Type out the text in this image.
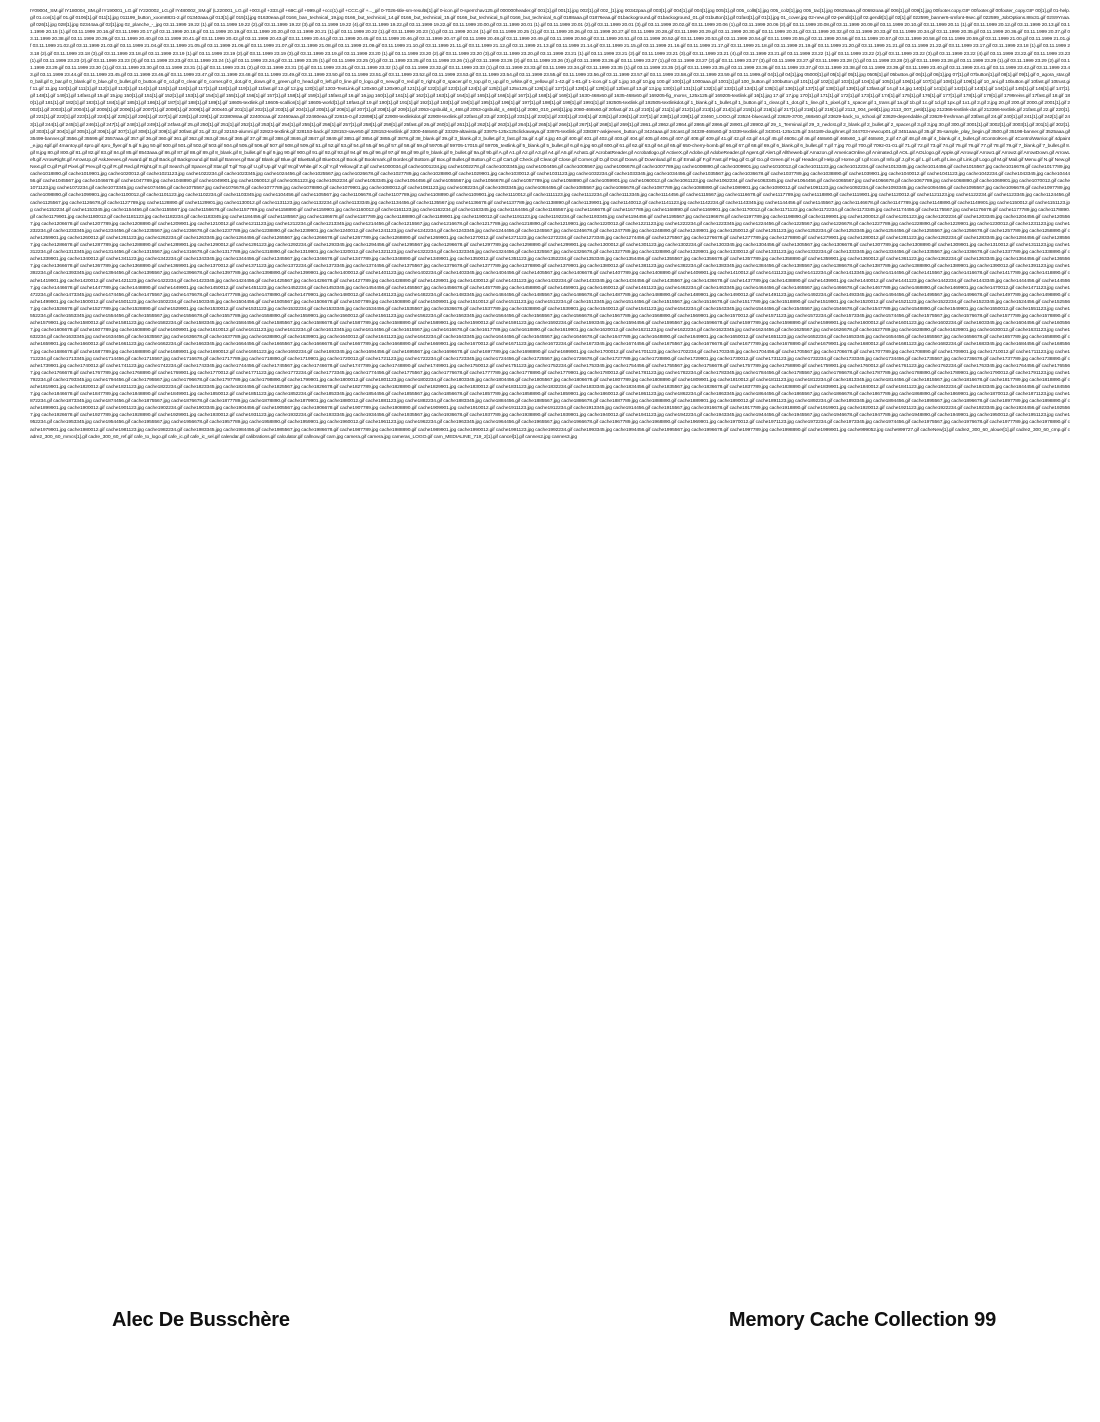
IY09004_SM.gif IY180004_SM.gif IY190001_LG.gif IY220002_LG.gif IY480002_SM.gif (L220001_LG.gif +003.gif +333.gif +69C.gif +999.gif +ccc(1).gif +CCC.gif +..._gif 0-7026-title-sm-results[1].gif 0-icon.gif 0-sperrchav125.gif 000000header.gif 001[1].gif 001[1].jpg 002[1].gif 002_[1].jpg 00342paa.gif 003[1].gif 004[1].gif 004[1].jpg 005[1].gif 005_coll6[1].jpg 005_col2[1].jpg 005_tac[1].jpg 00625aaa.gif 00692oaa.gif 006[1].gif 009[1].jpg 00footer.copy.GIF 00footer.gif 00footer_copy.GIF 00[1].gif 01-help.gif 01.con[1].gif 01.gif 0106[1].gif 011[1].jpg 011199_button_xoom8831-2.gif 01340aaa.gif 013[1].gif 015[1].jpg 01630eaa.gif 0166_ban_technical_19.jpg 0166_but_technical_14.gif 0166_but_technical_15.gif 0166_but_technical_5.gif 0166_but_technical_6.gif 0188aaa.gif 01876eaa.gif 01backoground.gif 01backoground_01.gif 01button[1].gif 01fast[1].gif 01[1].jpg 01_cover.jpg 02-new.gif 02-pendit[1].gif 02.gendit[1].gif 02[1].gif 022599_banner6-smfont-9sec.gif 022599_JobOptions.88x31.gif 02S9Ynaa.gif 026[1].jpg 028[1].jpg 02344aa.gif 02[1].jpg 02_planche_-_jpg 03.11.1999 19.22 (1).gif 03.11.1999 19.22 (2).gif 03.11.1999 19.22 (3).gif 03.11.1999 19.22 (4).gif 03.11.1999 19.22.gif 03.11.1999 19.22.gif 03.11.1999 20.00.gif 03.11.1999 20.01 (1).gif 03.11.1999 20.01 (2).gif 03.11.1999 20.01 (3).gif 03.11.1999 20.02.gif 03.11.1999 20.06 (1).gif 03.11.1999 20.06 (2).gif 03.11.1999 20.08.gif 03.11.1999 20.09.gif 03.11.1999 20.10.gif 03.11.1999 20.11 (1).gif 03.11.1999 20.12.gif 03.11.1999 20.13.gif 03.11.1999 20.15 (1).gif 03.11.1999 20.16.gif 03.11.1999 20.17.gif 03.11.1999 20.18.gif 03.11.1999 20.19.gif 03.11.1999 20.20.gif 03.11.1999 20.21 (1).gif 03.11.1999 20.22 (1).gif 03.11.1999 20.23 (1).gif 03.11.1999 20.24 (1).gif 03.11.1999 20.25 (1).gif 03.11.1999 20.26.gif 03.11.1999 20.27.gif 03.11.1999 20.28.gif 03.11.1999 20.29.gif 03.11.1999 20.30.gif 03.11.1999 20.31.gif 03.11.1999 20.32.gif 03.11.1999 20.33.gif 03.11.1999 20.34.gif 03.11.1999 20.35.gif 03.11.1999 20.36.gif 03.11.1999 20.37.gif 03.11.1999 20.38.gif 03.11.1999 20.39.gif 03.11.1999 20.40.gif 03.11.1999 20.41.gif 03.11.1999 20.42.gif 03.11.1999 20.43.gif 03.11.1999 20.44.gif 03.11.1999 20.45.gif 03.11.1999 20.46.gif 03.11.1999 20.47.gif 03.11.1999 20.48.gif 03.11.1999 20.49.gif 03.11.1999 20.50.gif 03.11.1999 20.51.gif 03.11.1999 20.52.gif 03.11.1999 20.53.gif 03.11.1999 20.54.gif 03.11.1999 20.55.gif 03.11.1999 20.56.gif 03.11.1999 20.57.gif 03.11.1999 20.58.gif 03.11.1999 20.59.gif 03.11.1999 21.00.gif 03.11.1999 21.01.gif 03.11.1999 21.02.gif 03.11.1999 21.03.gif 03.11.1999 21.04.gif 03.11.1999 21.05.gif 03.11.1999 21.06.gif 03.11.1999 21.07.gif 03.11.1999 21.08.gif 03.11.1999 21.09.gif 03.11.1999 21.10.gif 03.11.1999 21.11.gif 03.11.1999 21.12.gif 03.11.1999 21.13.gif 03.11.1999 21.14.gif 03.11.1999 21.15.gif 03.11.1999 21.16.gif 03.11.1999 21.17.gif 03.11.1999 21.18.gif 03.11.1999 21.19.gif 03.11.1999 21.20.gif 03.11.1999 21.21.gif 03.11.1999 21.22.gif 03.11.1999 23.17.gif 03.11.1999 23.18 (1).gif 03.11.1999 23.18 (2).gif 03.11.1999 23.18 (3).gif 03.11.1999 23.18.gif 03.11.1999 23.19 (1).gif 03.11.1999 23.19 (2).gif 03.11.1999 23.19 (3).gif 03.11.1999 23.19.gif 03.11.1999 23.20 (1).gif 03.11.1999 23.20 (2).gif 03.11.1999 23.20 (3).gif 03.11.1999 23.20.gif 03.11.1999 23.21 (1).gif 03.11.1999 23.21 (2).gif 03.11.1999 23.21 (3).gif 03.11.1999 23.21 (4).gif 03.11.1999 23.21.gif 03.11.1999 23.22 (1).gif 03.11.1999 23.22 (2).gif 03.11.1999 23.22 (3).gif 03.11.1999 23.22 (4).gif 03.11.1999 23.22.gif 03.11.1999 23.23 (1).gif 03.11.1999 23.23 (2).gif 03.11.1999 23.23 (3).gif 03.11.1999 23.23.gif 03.11.1999 23.24 (1).gif 03.11.1999 23.24.gif 03.11.1999 23.25 (1).gif 03.11.1999 23.25 (2).gif 03.11.1999 23.25.gif 03.11.1999 23.26 (1).gif 03.11.1999 23.26 (2).gif 03.11.1999 23.26 (3).gif 03.11.1999 23.26.gif 03.11.1999 23.27 (1).gif 03.11.1999 23.27 (2).gif 03.11.1999 23.27 (3).gif 03.11.1999 23.27.gif 03.11.1999 23.28 (1).gif 03.11.1999 23.28 (2).gif 03.11.1999 23.28.gif 03.11.1999 23.29 (1).gif 03.11.1999 23.29 (2).gif 03.11.1999 23.29.gif 03.11.1999 23.30 (1).gif 03.11.1999 23.30.gif 03.11.1999 23.31 (1).gif 03.11.1999 23.31 (2).gif 03.11.1999 23.31 (3).gif 03.11.1999 23.31.gif 03.11.1999 23.32 (1).gif 03.11.1999 23.32.gif 03.11.1999 23.33 (1).gif 03.11.1999 23.33.gif 03.11.1999 23.34.gif 03.11.1999 23.35 (1).gif 03.11.1999 23.35 (2).gif 03.11.1999 23.35.gif 03.11.1999 23.36.gif 03.11.1999 23.37.gif 03.11.1999 23.38.gif 03.11.1999 23.39.gif 03.11.1999 23.40.gif 03.11.1999 23.41.gif 03.11.1999 23.42.gif 03.11.1999 23.43.gif 03.11.1999 23.44.gif 03.11.1999 23.45.gif 03.11.1999 23.46.gif 03.11.1999 23.47.gif 03.11.1999 23.48.gif 03.11.1999 23.49.gif 03.11.1999 23.50.gif 03.11.1999 23.51.gif 03.11.1999 23.52.gif 03.11.1999 23.53.gif 03.11.1999 23.54.gif 03.11.1999 23.55.gif 03.11.1999 23.56.gif 03.11.1999 23.57.gif 03.11.1999 23.58.gif 03.11.1999 23.59.gif 03.11.1999.gif 04[1].gif 04[1].jpg 05000[1].gif 05[1].gif 05[1].jpg 0505[1].gif 05button.gif 06[1].gif 06[1].jpg 07[1].gif 07button[1].gif 08[1].gif 09[1].gif 0_agora_star.gif 0_ball.gif 0_bar.gif 0_blank.gif 0_blue.gif 0_bullet.gif 0_button.gif 0_cd.gif 0_clear.gif 0_corner.gif 0_dot.gif 0_down.gif 0_green.gif 0_head.gif 0_left.gif 0_line.gif 0_logo.gif 0_new.gif 0_red.gif 0_right.gif 0_spacer.gif 0_top.gif 0_up.gif 0_white.gif 0_yellow.gif 1-42.gif 1-81.gif 1-icon.gif 1.gif 1.jpg 10.gif 10.jpg 100.gif 100[1].gif 1000aaa.gif 1001[1].gif 100_button.gif 100button.gif 101[1].gif 102[1].gif 103[1].gif 104[1].gif 105[1].gif 106[1].gif 107[1].gif 108[1].gif 109[1].gif 10_ani.gif 10button.gif 10fast.gif 10trust.gif 11.gif 11.jpg 110[1].gif 111[1].gif 112[1].gif 113[1].gif 114[1].gif 115[1].gif 116[1].gif 117[1].gif 118[1].gif 119[1].gif 11fast.gif 12.gif 12.jpg 120[1].gif 1203-TextLink.gif 120x60.gif 120x90.gif 121[1].gif 122[1].gif 123[1].gif 124[1].gif 125[1].gif 125x125.gif 126[1].gif 127[1].gif 128[1].gif 129[1].gif 12fast.gif 13.gif 13.jpg 130[1].gif 131[1].gif 132[1].gif 133[1].gif 134[1].gif 135[1].gif 136[1].gif 137[1].gif 138[1].gif 139[1].gif 13fast.gif 14.gif 14.jpg 140[1].gif 141[1].gif 142[1].gif 143[1].gif 144[1].gif 145[1].gif 146[1].gif 147[1].gif 148[1].gif 149[1].gif 14fast.gif 15.gif 15.jpg 150[1].gif 151[1].gif 152[1].gif 153[1].gif 154[1].gif 155[1].gif 156[1].gif 157[1].gif 158[1].gif 159[1].gif 15fast.gif 16.gif 16.jpg 160[1].gif 161[1].gif 162[1].gif 163[1].gif 164[1].gif 165[1].gif 166[1].gif 167[1].gif 168[1].gif 169[1].gif 1630-468x60.gif 1635-468x60.gif 169205-fig_moms_125x125.gif 169205-textlink.gif 16[1].jpg 17.gif 17.jpg 170[1].gif 171[1].gif 172[1].gif 173[1].gif 174[1].gif 175[1].gif 176[1].gif 177[1].gif 178[1].gif 179[1].gif 1799reins.gif 17fast.gif 18.gif 180[1].gif 181[1].gif 182[1].gif 183[1].gif 184[1].gif 185[1].gif 186[1].gif 187[1].gif 188[1].gif 189[1].gif 18605-textlink.gif 18605-scallion[1].gif 18605-world[1].gif 18fast.gif 19.gif 190[1].gif 191[1].gif 192[1].gif 193[1].gif 194[1].gif 195[1].gif 196[1].gif 197[1].gif 198[1].gif 199[1].gif 1991[1].gif 192505-textlink.gif 192505-textlinkdot.gif 1_blank.gif 1_bullet.gif 1_button.gif 1_clear.gif 1_dot.gif 1_line.gif 1_pixel.gif 1_spacer.gif 1_trans.gif 1a.gif 1b.gif 1c.gif 1d.gif 1px.gif 1x1.gif 2.gif 2.jpg 20.gif 200.gif 2000.gif 2001[1].gif 2002[1].gif 2003[1].gif 2004[1].gif 2005[1].gif 2006[1].gif 2007[1].gif 2008[1].gif 2009[1].gif 200x40.gif 201[1].gif 202[1].gif 203[1].gif 204[1].gif 205[1].gif 206[1].gif 207[1].gif 208[1].gif 209[1].gif 2053-cgsbuild_s_468.gif 2053-cgsbuild_s_468[1].gif 2080_010_petit[1].jpg 2080-468x60.gif 20fast.gif 21.gif 210[1].gif 211[1].gif 212[1].gif 213[1].gif 214[1].gif 215[1].gif 216[1].gif 217[1].gif 218[1].gif 219[1].gif 2113_004_petit[1].jpg 2113_007_petit[1].jpg 212366-textlink-dot.gif 212366-textlink.gif 21fast.gif 22.gif 220[1].gif 221[1].gif 222[1].gif 223[1].gif 224[1].gif 225[1].gif 226[1].gif 227[1].gif 228[1].gif 229[1].gif 22380Waa.gif 22400caa.gif 22460aaa.gif 22460eaa.gif 22615-0.gif 22898[1].gif 22908-textlinkdot.gif 22908-textlink.gif 22fast.gif 23.gif 230[1].gif 231[1].gif 232[1].gif 233[1].gif 234[1].gif 235[1].gif 236[1].gif 237[1].gif 238[1].gif 239[1].gif 23460_LOGO.gif 23524-bluecard.gif 23629-3700_468x60.gif 23629-back_to_school.gif 23629-dependable.gif 23629-freshman.gif 23fast.gif 24.gif 240[1].gif 241[1].gif 242[1].gif 243[1].gif 244[1].gif 245[1].gif 246[1].gif 247[1].gif 248[1].gif 249[1].gif 24fast.gif 25.gif 250[1].gif 251[1].gif 252[1].gif 253[1].gif 254[1].gif 255[1].gif 256[1].gif 257[1].gif 258[1].gif 259[1].gif 25fast.gif 26.gif 260[1].gif 261[1].gif 262[1].gif 263[1].gif 264[1].gif 265[1].gif 266[1].gif 267[1].gif 268[1].gif 269[1].gif 2861.gif 2862.gif 2864.gif 2865.gif 2866.gif 28901.gif 28902.gif 29_1_Terminal.gif 29_3_nedcst.gif 2_blank.gif 2_bullet.gif 2_spacer.gif 3.gif 3.jpg 30.gif 300.gif 3001[1].gif 3002[1].gif 3003[1].gif 301[1].gif 302[1].gif 303[1].gif 304[1].gif 305[1].gif 306[1].gif 307[1].gif 308[1].gif 309[1].gif 30fast.gif 31.gif 32.gif 32153-alumni.gif 32823-textlink.gif 328153-back.gif 328153-save50.gif 328153-textlink.gif 3300-468x60.gif 33329-altavista.gif 33975-125x125clickawaya.gif 33975-textlink.gif 338387-askjeeves_button.gif 3424aaa.gif 34cast.gif 34339-468x60.gif 34339-textlink.gif 343041-125x125.gif 344189-doughnet.gif 344703-newcup01.gif 3451aaa.gif 35.gif 35-sample_play_begin.gif 3500.gif 35198-banner.gif 3525aaa.gif 35499-banner.gif 3556.gif 35599.gif 3557aaa.gif 357.gif 36.gif 360.gif 361.gif 362.gif 363.gif 364.gif 365.gif 37.gif 38.gif 388.gif 3846.gif 3847.gif 3849.gif 3851.gif 3854.gif 3855.gif 3878.gif 38_blank.gif 39.gif 3_blank.gif 3_bullet.gif 3_fast.gif 3a.gif 4.gif 4.jpg 40.gif 400.gif 401.gif 402.gif 403.gif 404.gif 405.gif 406.gif 407.gif 408.gif 409.gif 41.gif 42.gif 43.gif 44.gif 45.gif 4605c.gif 46.gif 468x60.gif 468x60_1.gif 468x60_2.gif 47.gif 48.gif 49.gif 4_blank.gif 4_bullet.gif 4ControlKen.gif 4ControlWarrior.gif 4dpaint_e.jpg 4gif.gif 4mantoy.gif 4pro.gif 4pro_flyer.gif 5.gif 5.jpg 50.gif 500.gif 501.gif 502.gif 503.gif 504.gif 505.gif 506.gif 507.gif 508.gif 509.gif 51.gif 52.gif 53.gif 54.gif 55.gif 56.gif 57.gif 58.gif 59.gif 59705.gif 59705-17015.gif 59705_textlink.gif 5_blank.gif 5_bullet.gif 6.gif 6.jpg 60.gif 600.gif 61.gif 62.gif 63.gif 64.gif 65.gif 650-cherry-bomb.gif 66.gif 67.gif 68.gif 69.gif 6_blank.gif 6_bullet.gif 7.gif 7.jpg 70.gif 700.gif 7092-01-01.gif 71.gif 72.gif 73.gif 74.gif 75.gif 76.gif 77.gif 78.gif 79.gif 7_blank.gif 7_bullet.gif 8.gif 8.jpg 80.gif 800.gif 81.gif 82.gif 83.gif 84.gif 85.gif 8543aaa.gif 86.gif 87.gif 88.gif 89.gif 8_blank.gif 8_bullet.gif 9.gif 9.jpg 90.gif 900.gif 91.gif 92.gif 93.gif 94.gif 95.gif 96.gif 97.gif 98.gif 99.gif 9_blank.gif 9_bullet.gif 9a.gif 9b.gif A.gif A1.gif A2.gif A3.gif A4.gif A5.gif Achat1.gif AcrobatReader.gif Acrobatlogo.gif ActiveX.gif Adobe.gif AdobeReader.gif Agent.gif Alert.gif Alltheweb.gif Amazon.gif AmericaOnline.gif Animated.gif AOL.gif AOLlogo.gif Apple.gif Arrow.gif Arrow1.gif Arrow2.gif ArrowDown.gif ArrowLeft.gif ArrowRight.gif ArrowUp.gif AskJeeves.gif Award.gif B.gif Back.gif Background.gif Ball.gif Banner.gif Bar.gif Blank.gif Blue.gif BlueBall.gif BlueDot.gif Book.gif Bookmark.gif Border.gif Bottom.gif Box.gif Bullet.gif Button.gif C.gif Cart.gif Check.gif Clear.gif Close.gif Corner.gif D.gif Dot.gif Down.gif Download.gif E.gif Email.gif F.gif Fast.gif Flag.gif G.gif Go.gif Green.gif H.gif Header.gif Help.gif Home.gif I.gif Icon.gif Info.gif J.gif K.gif L.gif Left.gif Line.gif Link.gif Logo.gif M.gif Mail.gif Menu.gif N.gif New.gif Next.gif O.gif P.gif Pixel.gif Prev.gif Q.gif R.gif Red.gif Right.gif S.gif Search.gif Spacer.gif Star.gif T.gif Top.gif U.gif Up.gif V.gif W.gif White.gif X.gif Y.gif Yellow.gif Z.gif cache1000034.gif cache1001234.jpg cache1002278.gif cache1003345.jpg cache1004456.gif cache1005567.jpg cache1006678.gif cache1007789.jpg cache1008890.gif cache1009901.jpg cache1010012.gif cache1011123.jpg cache1012234.gif cache1013345.jpg cache1014456.gif cache1015567.jpg cache1016678.gif cache1017789.jpg cache1018890.gif cache1019901.jpg cache1020012.gif cache1021123.jpg cache1022234.gif cache1023345.jpg cache1024456.gif cache1025567.jpg cache1026678.gif cache1027789.jpg cache1028890.gif cache1029901.jpg cache1030012.gif cache1031123.jpg cache1032234.gif cache1033345.jpg cache1034456.gif cache1035567.jpg cache1036678.gif cache1037789.jpg cache1038890.gif cache1039901.jpg cache1040012.gif cache1041123.jpg cache1042234.gif cache1043345.jpg cache1044456.gif cache1045567.jpg cache1046678.gif cache1047789.jpg cache1048890.gif cache1049901.jpg cache1050012.gif cache1051123.jpg cache1052234.gif cache1053345.jpg cache1054456.gif cache1055567.jpg cache1056678.gif cache1057789.jpg cache1058890.gif cache1059901.jpg cache1060012.gif cache1061123.jpg cache1062234.gif cache1063345.jpg cache1064456.gif cache1065567.jpg cache1066678.gif cache1067789.jpg cache1068890.gif cache1069901.jpg cache1070012.gif cache1071123.jpg cache1072234.gif cache1073345.jpg cache1074456.gif cache1075567.jpg cache1076678.gif cache1077789.jpg cache1078890.gif cache1079901.jpg cache1080012.gif cache1081123.jpg cache1082234.gif cache1083345.jpg cache1084456.gif cache1085567.jpg cache1086678.gif cache1087789.jpg cache1088890.gif cache1089901.jpg cache1090012.gif cache1091123.jpg cache1092234.gif cache1093345.jpg cache1094456.gif cache1095567.jpg cache1096678.gif cache1097789.jpg cache1098890.gif cache1099901.jpg cache1100012.gif cache1101123.jpg cache1102234.gif cache1103345.jpg cache1104456.gif cache1105567.jpg cache1106678.gif cache1107789.jpg cache1108890.gif cache1109901.jpg cache1110012.gif cache1111123.jpg cache1112234.gif cache1113345.jpg cache1114456.gif cache1115567.jpg cache1116678.gif cache1117789.jpg cache1118890.gif cache1119901.jpg cache1120012.gif cache1121123.jpg cache1122234.gif cache1123345.jpg cache1124456.gif cache1125567.jpg cache1126678.gif cache1127789.jpg cache1128890.gif cache1129901.jpg cache1130012.gif cache1131123.jpg cache1132234.gif cache1133345.jpg cache1134456.gif cache1135567.jpg cache1136678.gif cache1137789.jpg cache1138890.gif cache1139901.jpg cache1140012.gif cache1141123.jpg cache1142234.gif cache1143345.jpg cache1144456.gif cache1145567.jpg cache1146678.gif cache1147789.jpg cache1148890.gif cache1149901.jpg cache1150012.gif cache1151123.jpg cache1152234.gif cache1153345.jpg cache1154456.gif cache1155567.jpg cache1156678.gif cache1157789.jpg cache1158890.gif cache1159901.jpg cache1160012.gif cache1161123.jpg cache1162234.gif cache1163345.jpg cache1164456.gif cache1165567.jpg cache1166678.gif cache1167789.jpg cache1168890.gif cache1169901.jpg cache1170012.gif cache1171123.jpg cache1172234.gif cache1173345.jpg cache1174456.gif cache1175567.jpg cache1176678.gif cache1177789.jpg cache1178890.gif cache1179901.jpg cache1180012.gif cache1181123.jpg cache1182234.gif cache1183345.jpg cache1184456.gif cache1185567.jpg cache1186678.gif cache1187789.jpg cache1188890.gif cache1189901.jpg cache1190012.gif cache1191123.jpg cache1192234.gif cache1193345.jpg cache1194456.gif cache1195567.jpg cache1196678.gif cache1197789.jpg cache1198890.gif cache1199901.jpg cache1200012.gif cache1201123.jpg cache1202234.gif cache1203345.jpg cache1204456.gif cache1205567.jpg cache1206678.gif cache1207789.jpg cache1208890.gif cache1209901.jpg cache1210012.gif cache1211123.jpg cache1212234.gif cache1213345.jpg cache1214456.gif cache1215567.jpg cache1216678.gif cache1217789.jpg cache1218890.gif cache1219901.jpg cache1220012.gif cache1221123.jpg cache1222234.gif cache1223345.jpg cache1224456.gif cache1225567.jpg cache1226678.gif cache1227789.jpg cache1228890.gif cache1229901.jpg cache1230012.gif cache1231123.jpg cache1232234.gif cache1233345.jpg cache1234456.gif cache1235567.jpg cache1236678.gif cache1237789.jpg cache1238890.gif cache1239901.jpg cache1240012.gif cache1241123.jpg cache1242234.gif cache1243345.jpg cache1244456.gif cache1245567.jpg cache1246678.gif cache1247789.jpg cache1248890.gif cache1249901.jpg cache1250012.gif cache1251123.jpg cache1252234.gif cache1253345.jpg cache1254456.gif cache1255567.jpg cache1256678.gif cache1257789.jpg cache1258890.gif cache1259901.jpg cache1260012.gif cache1261123.jpg cache1262234.gif cache1263345.jpg cache1264456.gif cache1265567.jpg cache1266678.gif cache1267789.jpg cache1268890.gif cache1269901.jpg cache1270012.gif cache1271123.jpg cache1272234.gif cache1273345.jpg cache1274456.gif cache1275567.jpg cache1276678.gif cache1277789.jpg cache1278890.gif cache1279901.jpg cache1280012.gif cache1281123.jpg cache1282234.gif cache1283345.jpg cache1284456.gif cache1285567.jpg cache1286678.gif cache1287789.jpg cache1288890.gif cache1289901.jpg cache1290012.gif cache1291123.jpg cache1292234.gif cache1293345.jpg cache1294456.gif cache1295567.jpg cache1296678.gif cache1297789.jpg cache1298890.gif cache1299901.jpg cache1300012.gif cache1301123.jpg cache1302234.gif cache1303345.jpg cache1304456.gif cache1305567.jpg cache1306678.gif cache1307789.jpg cache1308890.gif cache1309901.jpg cache1310012.gif cache1311123.jpg cache1312234.gif cache1313345.jpg cache1314456.gif cache1315567.jpg cache1316678.gif cache1317789.jpg cache1318890.gif cache1319901.jpg cache1320012.gif cache1321123.jpg cache1322234.gif cache1323345.jpg cache1324456.gif cache1325567.jpg cache1326678.gif cache1327789.jpg cache1328890.gif cache1329901.jpg cache1330012.gif cache1331123.jpg cache1332234.gif cache1333345.jpg cache1334456.gif cache1335567.jpg cache1336678.gif cache1337789.jpg cache1338890.gif cache1339901.jpg cache1340012.gif cache1341123.jpg cache1342234.gif cache1343345.jpg cache1344456.gif cache1345567.jpg cache1346678.gif cache1347789.jpg cache1348890.gif cache1349901.jpg cache1350012.gif cache1351123.jpg cache1352234.gif cache1353345.jpg cache1354456.gif cache1355567.jpg cache1356678.gif cache1357789.jpg cache1358890.gif cache1359901.jpg cache1360012.gif cache1361123.jpg cache1362234.gif cache1363345.jpg cache1364456.gif cache1365567.jpg cache1366678.gif cache1367789.jpg cache1368890.gif cache1369901.jpg cache1370012.gif cache1371123.jpg cache1372234.gif cache1373345.jpg cache1374456.gif cache1375567.jpg cache1376678.gif cache1377789.jpg cache1378890.gif cache1379901.jpg cache1380012.gif cache1381123.jpg cache1382234.gif cache1383345.jpg cache1384456.gif cache1385567.jpg cache1386678.gif cache1387789.jpg cache1388890.gif cache1389901.jpg cache1390012.gif cache1391123.jpg cache1392234.gif cache1393345.jpg cache1394456.gif cache1395567.jpg cache1396678.gif cache1397789.jpg cache1398890.gif cache1399901.jpg cache1400012.gif cache1401123.jpg cache1402234.gif cache1403345.jpg cache1404456.gif cache1405567.jpg cache1406678.gif cache1407789.jpg cache1408890.gif cache1409901.jpg cache1410012.gif cache1411123.jpg cache1412234.gif cache1413345.jpg cache1414456.gif cache1415567.jpg cache1416678.gif cache1417789.jpg cache1418890.gif cache1419901.jpg cache1420012.gif cache1421123.jpg cache1422234.gif cache1423345.jpg cache1424456.gif cache1425567.jpg cache1426678.gif cache1427789.jpg cache1428890.gif cache1429901.jpg cache1430012.gif cache1431123.jpg cache1432234.gif cache1433345.jpg cache1434456.gif cache1435567.jpg cache1436678.gif cache1437789.jpg cache1438890.gif cache1439901.jpg cache1440012.gif cache1441123.jpg cache1442234.gif cache1443345.jpg cache1444456.gif cache1445567.jpg cache1446678.gif cache1447789.jpg cache1448890.gif cache1449901.jpg cache1450012.gif cache1451123.jpg cache1452234.gif cache1453345.jpg cache1454456.gif cache1455567.jpg cache1456678.gif cache1457789.jpg cache1458890.gif cache1459901.jpg cache1460012.gif cache1461123.jpg cache1462234.gif cache1463345.jpg cache1464456.gif cache1465567.jpg cache1466678.gif cache1467789.jpg cache1468890.gif cache1469901.jpg cache1470012.gif cache1471123.jpg cache1472234.gif cache1473345.jpg cache1474456.gif cache1475567.jpg cache1476678.gif cache1477789.jpg cache1478890.gif cache1479901.jpg cache1480012.gif cache1481123.jpg cache1482234.gif cache1483345.jpg cache1484456.gif cache1485567.jpg cache1486678.gif cache1487789.jpg cache1488890.gif cache1489901.jpg cache1490012.gif cache1491123.jpg cache1492234.gif cache1493345.jpg cache1494456.gif cache1495567.jpg cache1496678.gif cache1497789.jpg cache1498890.gif cache1499901.jpg cache1500012.gif cache1501123.jpg cache1502234.gif cache1503345.jpg cache1504456.gif cache1505567.jpg cache1506678.gif cache1507789.jpg cache1508890.gif cache1509901.jpg cache1510012.gif cache1511123.jpg cache1512234.gif cache1513345.jpg cache1514456.gif cache1515567.jpg cache1516678.gif cache1517789.jpg cache1518890.gif cache1519901.jpg cache1520012.gif cache1521123.jpg cache1522234.gif cache1523345.jpg cache1524456.gif cache1525567.jpg cache1526678.gif cache1527789.jpg cache1528890.gif cache1529901.jpg cache1530012.gif cache1531123.jpg cache1532234.gif cache1533345.jpg cache1534456.gif cache1535567.jpg cache1536678.gif cache1537789.jpg cache1538890.gif cache1539901.jpg cache1540012.gif cache1541123.jpg cache1542234.gif cache1543345.jpg cache1544456.gif cache1545567.jpg cache1546678.gif cache1547789.jpg cache1548890.gif cache1549901.jpg cache1550012.gif cache1551123.jpg cache1552234.gif cache1553345.jpg cache1554456.gif cache1555567.jpg cache1556678.gif cache1557789.jpg cache1558890.gif cache1559901.jpg cache1560012.gif cache1561123.jpg cache1562234.gif cache1563345.jpg cache1564456.gif cache1565567.jpg cache1566678.gif cache1567789.jpg cache1568890.gif cache1569901.jpg cache1570012.gif cache1571123.jpg cache1572234.gif cache1573345.jpg cache1574456.gif cache1575567.jpg cache1576678.gif cache1577789.jpg cache1578890.gif cache1579901.jpg cache1580012.gif cache1581123.jpg cache1582234.gif cache1583345.jpg cache1584456.gif cache1585567.jpg cache1586678.gif cache1587789.jpg cache1588890.gif cache1589901.jpg cache1590012.gif cache1591123.jpg cache1592234.gif cache1593345.jpg cache1594456.gif cache1595567.jpg cache1596678.gif cache1597789.jpg cache1598890.gif cache1599901.jpg cache1600012.gif cache1601123.jpg cache1602234.gif cache1603345.jpg cache1604456.gif cache1605567.jpg cache1606678.gif cache1607789.jpg cache1608890.gif cache1609901.jpg cache1610012.gif cache1611123.jpg cache1612234.gif cache1613345.jpg cache1614456.gif cache1615567.jpg cache1616678.gif cache1617789.jpg cache1618890.gif cache1619901.jpg cache1620012.gif cache1621123.jpg cache1622234.gif cache1623345.jpg cache1624456.gif cache1625567.jpg cache1626678.gif cache1627789.jpg cache1628890.gif cache1629901.jpg cache1630012.gif cache1631123.jpg cache1632234.gif cache1633345.jpg cache1634456.gif cache1635567.jpg cache1636678.gif cache1637789.jpg cache1638890.gif cache1639901.jpg cache1640012.gif cache1641123.jpg cache1642234.gif cache1643345.jpg cache1644456.gif cache1645567.jpg cache1646678.gif cache1647789.jpg cache1648890.gif cache1649901.jpg cache1650012.gif cache1651123.jpg cache1652234.gif cache1653345.jpg cache1654456.gif cache1655567.jpg cache1656678.gif cache1657789.jpg cache1658890.gif cache1659901.jpg cache1660012.gif cache1661123.jpg cache1662234.gif cache1663345.jpg cache1664456.gif cache1665567.jpg cache1666678.gif cache1667789.jpg cache1668890.gif cache1669901.jpg cache1670012.gif cache1671123.jpg cache1672234.gif cache1673345.jpg cache1674456.gif cache1675567.jpg cache1676678.gif cache1677789.jpg cache1678890.gif cache1679901.jpg cache1680012.gif cache1681123.jpg cache1682234.gif cache1683345.jpg cache1684456.gif cache1685567.jpg cache1686678.gif cache1687789.jpg cache1688890.gif cache1689901.jpg cache1690012.gif cache1691123.jpg cache1692234.gif cache1693345.jpg cache1694456.gif cache1695567.jpg cache1696678.gif cache1697789.jpg cache1698890.gif cache1699901.jpg cache1700012.gif cache1701123.jpg cache1702234.gif cache1703345.jpg cache1704456.gif cache1705567.jpg cache1706678.gif cache1707789.jpg cache1708890.gif cache1709901.jpg cache1710012.gif cache1711123.jpg cache1712234.gif cache1713345.jpg cache1714456.gif cache1715567.jpg cache1716678.gif cache1717789.jpg cache1718890.gif cache1719901.jpg cache1720012.gif cache1721123.jpg cache1722234.gif cache1723345.jpg cache1724456.gif cache1725567.jpg cache1726678.gif cache1727789.jpg cache1728890.gif cache1729901.jpg cache1730012.gif cache1731123.jpg cache1732234.gif cache1733345.jpg cache1734456.gif cache1735567.jpg cache1736678.gif cache1737789.jpg cache1738890.gif cache1739901.jpg cache1740012.gif cache1741123.jpg cache1742234.gif cache1743345.jpg cache1744456.gif cache1745567.jpg cache1746678.gif cache1747789.jpg cache1748890.gif cache1749901.jpg cache1750012.gif cache1751123.jpg cache1752234.gif cache1753345.jpg cache1754456.gif cache1755567.jpg cache1756678.gif cache1757789.jpg cache1758890.gif cache1759901.jpg cache1760012.gif cache1761123.jpg cache1762234.gif cache1763345.jpg cache1764456.gif cache1765567.jpg cache1766678.gif cache1767789.jpg cache1768890.gif cache1769901.jpg cache1770012.gif cache1771123.jpg cache1772234.gif cache1773345.jpg cache1774456.gif cache1775567.jpg cache1776678.gif cache1777789.jpg cache1778890.gif cache1779901.jpg cache1780012.gif cache1781123.jpg cache1782234.gif cache1783345.jpg cache1784456.gif cache1785567.jpg cache1786678.gif cache1787789.jpg cache1788890.gif cache1789901.jpg cache1790012.gif cache1791123.jpg cache1792234.gif cache1793345.jpg cache1794456.gif cache1795567.jpg cache1796678.gif cache1797789.jpg cache1798890.gif cache1799901.jpg cache1800012.gif cache1801123.jpg cache1802234.gif cache1803345.jpg cache1804456.gif cache1805567.jpg cache1806678.gif cache1807789.jpg cache1808890.gif cache1809901.jpg cache1810012.gif cache1811123.jpg cache1812234.gif cache1813345.jpg cache1814456.gif cache1815567.jpg cache1816678.gif cache1817789.jpg cache1818890.gif cache1819901.jpg cache1820012.gif cache1821123.jpg cache1822234.gif cache1823345.jpg cache1824456.gif cache1825567.jpg cache1826678.gif cache1827789.jpg cache1828890.gif cache1829901.jpg cache1830012.gif cache1831123.jpg cache1832234.gif cache1833345.jpg cache1834456.gif cache1835567.jpg cache1836678.gif cache1837789.jpg cache1838890.gif cache1839901.jpg cache1840012.gif cache1841123.jpg cache1842234.gif cache1843345.jpg cache1844456.gif cache1845567.jpg cache1846678.gif cache1847789.jpg cache1848890.gif cache1849901.jpg cache1850012.gif cache1851123.jpg cache1852234.gif cache1853345.jpg cache1854456.gif cache1855567.jpg cache1856678.gif cache1857789.jpg cache1858890.gif cache1859901.jpg cache1860012.gif cache1861123.jpg cache1862234.gif cache1863345.jpg cache1864456.gif cache1865567.jpg cache1866678.gif cache1867789.jpg cache1868890.gif cache1869901.jpg cache1870012.gif cache1871123.jpg cache1872234.gif cache1873345.jpg cache1874456.gif cache1875567.jpg cache1876678.gif cache1877789.jpg cache1878890.gif cache1879901.jpg cache1880012.gif cache1881123.jpg cache1882234.gif cache1883345.jpg cache1884456.gif cache1885567.jpg cache1886678.gif cache1887789.jpg cache1888890.gif cache1889901.jpg cache1890012.gif cache1891123.jpg cache1892234.gif cache1893345.jpg cache1894456.gif cache1895567.jpg cache1896678.gif cache1897789.jpg cache1898890.gif cache1899901.jpg cache1900012.gif cache1901123.jpg cache1902234.gif cache1903345.jpg cache1904456.gif cache1905567.jpg cache1906678.gif cache1907789.jpg cache1908890.gif cache1909901.jpg cache1910012.gif cache1911123.jpg cache1912234.gif cache1913345.jpg cache1914456.gif cache1915567.jpg cache1916678.gif cache1917789.jpg cache1918890.gif cache1919901.jpg cache1920012.gif cache1921123.jpg cache1922234.gif cache1923345.jpg cache1924456.gif cache1925567.jpg cache1926678.gif cache1927789.jpg cache1928890.gif cache1929901.jpg cache1930012.gif cache1931123.jpg cache1932234.gif cache1933345.jpg cache1934456.gif cache1935567.jpg cache1936678.gif cache1937789.jpg cache1938890.gif cache1939901.jpg cache1940012.gif cache1941123.jpg cache1942234.gif cache1943345.jpg cache1944456.gif cache1945567.jpg cache1946678.gif cache1947789.jpg cache1948890.gif cache1949901.jpg cache1950012.gif cache1951123.jpg cache1952234.gif cache1953345.jpg cache1954456.gif cache1955567.jpg cache1956678.gif cache1957789.jpg cache1958890.gif cache1959901.jpg cache1960012.gif cache1961123.jpg cache1962234.gif cache1963345.jpg cache1964456.gif cache1965567.jpg cache1966678.gif cache1967789.jpg cache1968890.gif cache1969901.jpg cache1970012.gif cache1971123.jpg cache1972234.gif cache1973345.jpg cache1974456.gif cache1975567.jpg cache1976678.gif cache1977789.jpg cache1978890.gif cache1979901.jpg cache1980012.gif cache1981123.jpg cache1982234.gif cache1983345.jpg cache1984456.gif cache1985567.jpg cache1986678.gif cache1987789.jpg cache1988890.gif cache1989901.jpg cache1990012.gif cache1991123.jpg cache1992234.gif cache1993345.jpg cache1994456.gif cache1995567.jpg cache1996678.gif cache1997789.jpg cache1998890.gif cache1999901.jpg cache999052.jpg cache999727.gif cacheNew[1].gif cadre2_300_60_alouer[1].gif cadre2_300_60_cmp.gif cadre2_300_60_mmcs[1].gif cadre_300_60_ref.gif cafe_to_logo.gif cafe_ic.gif cafe_ic_sel.gif calendar.gif calibrations.gif calculator.gif callnow.gif cam.jpg camera.gif camera.jpg cameras_LOGO.gif cam_MEDIALINE_719_2[1].gif cancel[1].gif cannes2.jpg cannes3.jpg

Alec De Busschère	Memory Cache Collection 99
